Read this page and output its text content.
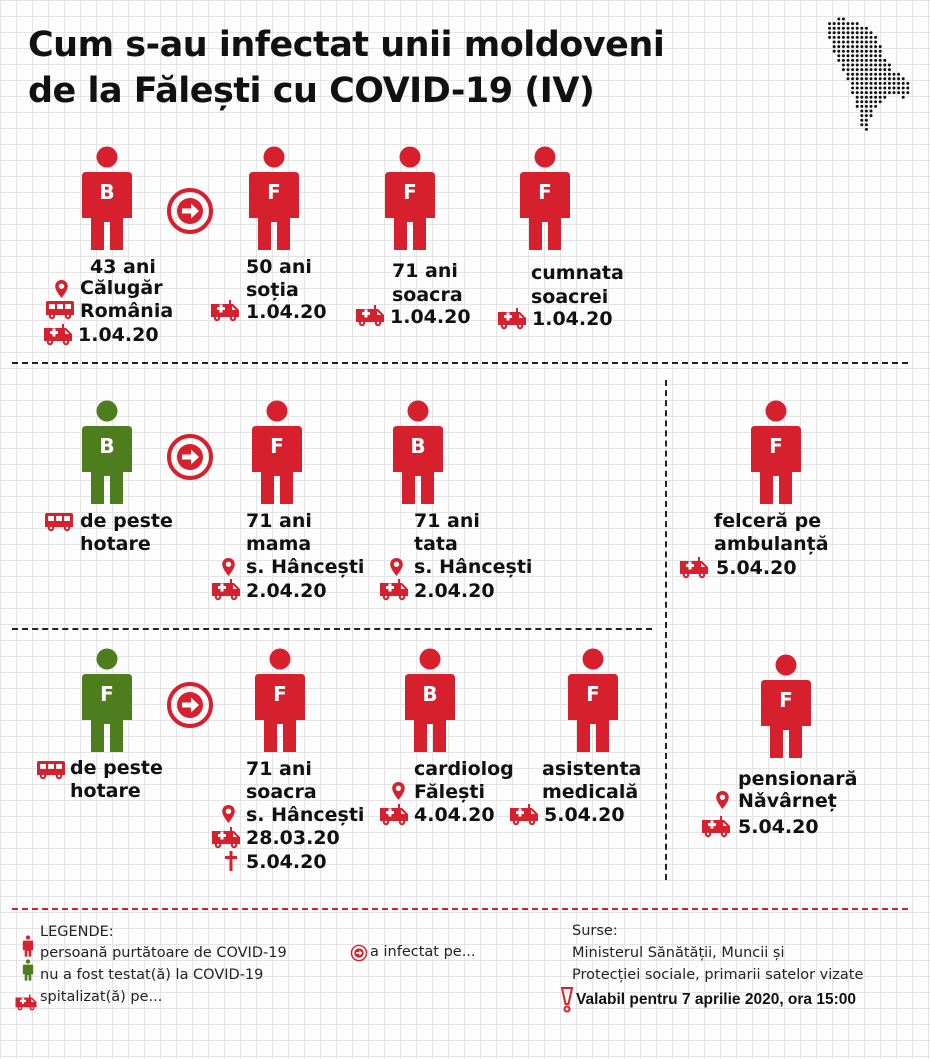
Cum s-au infectat unii moldoveni
de la Fălești cu COVID-19 (IV)
B	F	F	F
43 ani
Călugăr
România
1.04.20
50 ani
soția
1.04.20
71 ani
soacra
1.04.20
cumnata
soacrei
1.04.20
B	F	B
de peste
hotare
71 ani
mama
s. Hâncești
2.04.20
71 ani
tata
s. Hâncești
2.04.20
F	F	B	F
de peste
hotare
71 ani
soacra
s. Hâncești
28.03.20
5.04.20
cardiolog
Fălești
4.04.20
asistenta
medicală
5.04.20
F
felceră pe
ambulanță
5.04.20
F
pensionară
Nǎvârneț
5.04.20
LEGENDE:
persoană purtătoare de COVID-19
nu a fost testat(ă) la COVID-19
spitalizat(ă) pe...
a infectat pe...
Surse:
Ministerul Sănătății, Muncii și
Protecției sociale, primarii satelor vizate
Valabil pentru 7 aprilie 2020, ora 15:00
